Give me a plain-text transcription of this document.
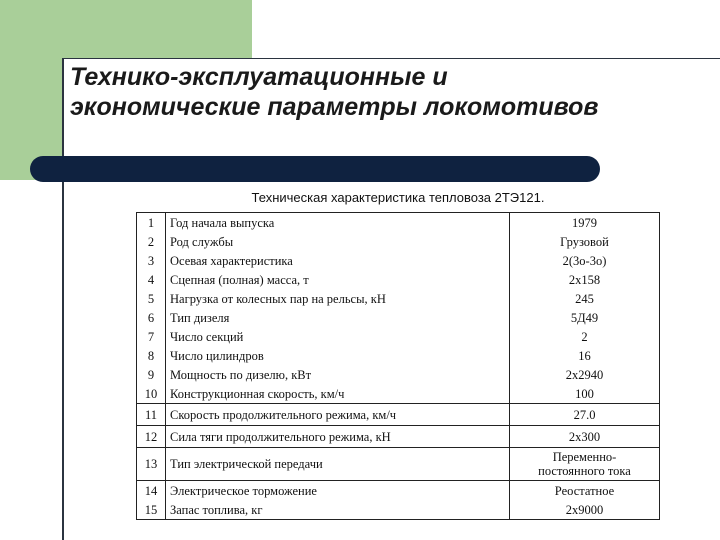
Технико-эксплуатационные и
экономические параметры локомотивов
Техническая характеристика тепловоза 2ТЭ121.
1	Год начала выпуска	1979
2	Род службы	Грузовой
3	Осевая характеристика	2(3о-3о)
4	Сцепная (полная) масса, т	2х158
5	Нагрузка от колесных пар на рельсы, кН	245
6	Тип дизеля	5Д49
7	Число секций	2
8	Число цилиндров	16
9	Мощность по дизелю, кВт	2х2940
10	Конструкционная скорость, км/ч	100
11	Скорость продолжительного режима, км/ч	27.0
12	Сила тяги продолжительного режима, кН	2х300
13	Тип электрической передачи	Переменно-
постоянного тока

14	Электрическое торможение	Реостатное
15	Запас топлива, кг	2х9000
